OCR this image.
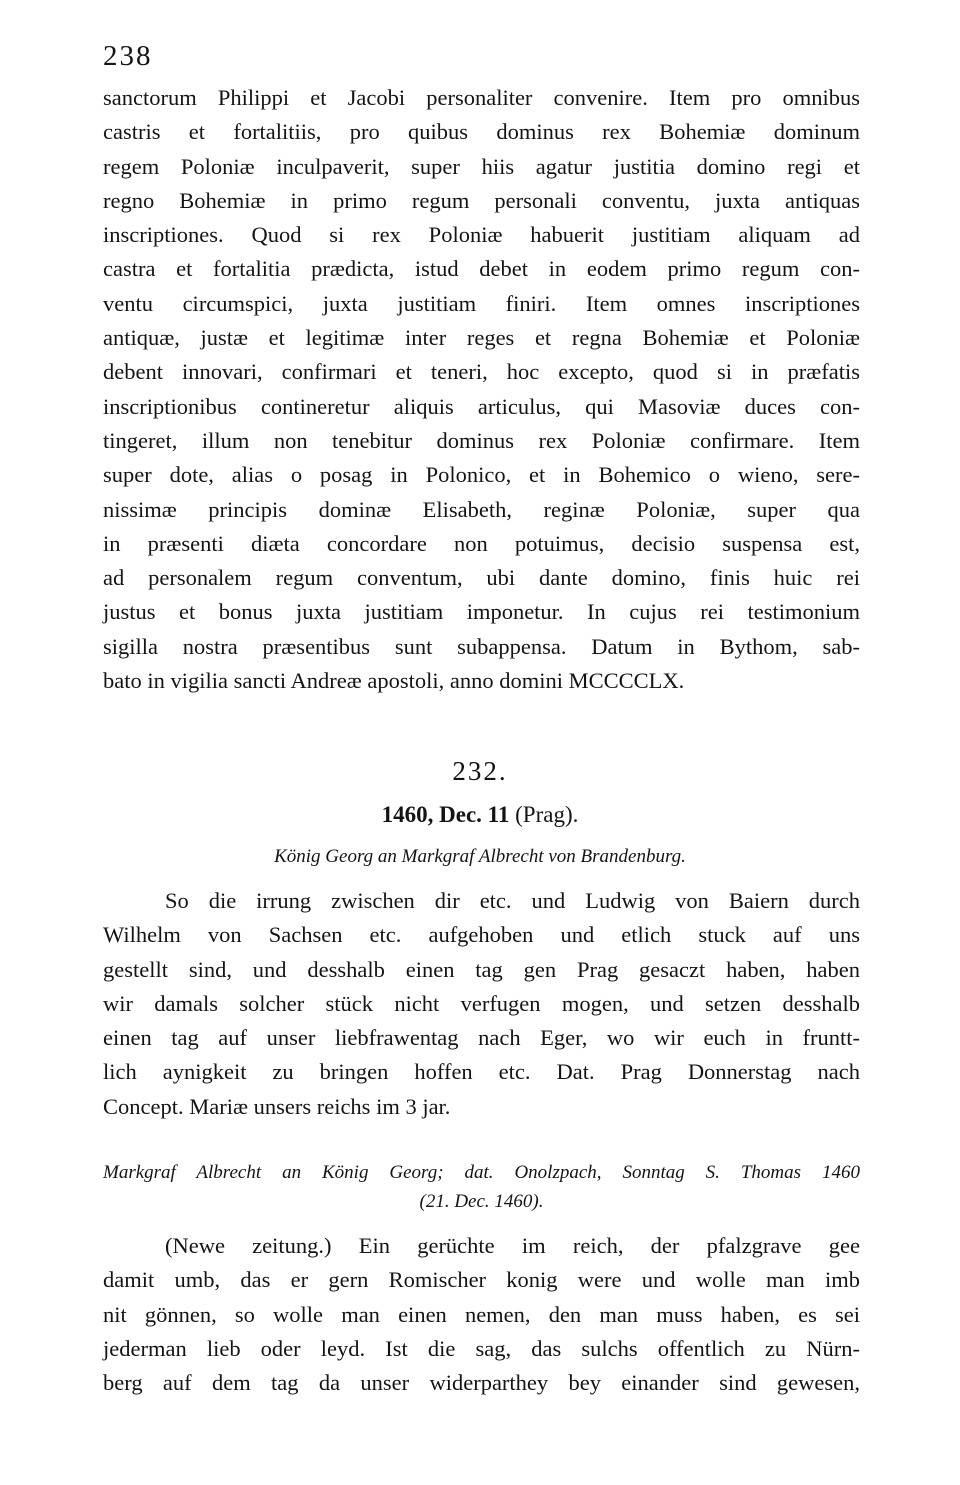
238
sanctorum Philippi et Jacobi personaliter convenire. Item pro omnibus
castris et fortalitiis, pro quibus dominus rex Bohemiæ dominum
regem Poloniæ inculpaverit, super hiis agatur justitia domino regi et
regno Bohemiæ in primo regum personali conventu, juxta antiquas
inscriptiones. Quod si rex Poloniæ habuerit justitiam aliquam ad
castra et fortalitia prædicta, istud debet in eodem primo regum con-
ventu circumspici, juxta justitiam finiri. Item omnes inscriptiones
antiquæ, justæ et legitimæ inter reges et regna Bohemiæ et Poloniæ
debent innovari, confirmari et teneri, hoc excepto, quod si in præfatis
inscriptionibus contineretur aliquis articulus, qui Masoviæ duces con-
tingeret, illum non tenebitur dominus rex Poloniæ confirmare. Item
super dote, alias o posag in Polonico, et in Bohemico o wieno, sere-
nissimæ principis dominæ Elisabeth, reginæ Poloniæ, super qua
in præsenti diæta concordare non potuimus, decisio suspensa est,
ad personalem regum conventum, ubi dante domino, finis huic rei
justus et bonus juxta justitiam imponetur. In cujus rei testimonium
sigilla nostra præsentibus sunt subappensa. Datum in Bythom, sab-
bato in vigilia sancti Andreæ apostoli, anno domini MCCCCLX.
232.
1460, Dec. 11 (Prag).
König Georg an Markgraf Albrecht von Brandenburg.
So die irrung zwischen dir etc. und Ludwig von Baiern durch
Wilhelm von Sachsen etc. aufgehoben und etlich stuck auf uns
gestellt sind, und desshalb einen tag gen Prag gesaczt haben, haben
wir damals solcher stück nicht verfugen mogen, und setzen desshalb
einen tag auf unser liebfrawentag nach Eger, wo wir euch in fruntt-
lich aynigkeit zu bringen hoffen etc. Dat. Prag Donnerstag nach
Concept. Mariæ unsers reichs im 3 jar.
Markgraf Albrecht an König Georg; dat. Onolzpach, Sonntag S. Thomas 1460
(21. Dec. 1460).
(Newe zeitung.) Ein gerüchte im reich, der pfalzgrave gee
damit umb, das er gern Romischer konig were und wolle man imb
nit gönnen, so wolle man einen nemen, den man muss haben, es sei
jederman lieb oder leyd. Ist die sag, das sulchs offentlich zu Nürn-
berg auf dem tag da unser widerparthey bey einander sind gewesen,
